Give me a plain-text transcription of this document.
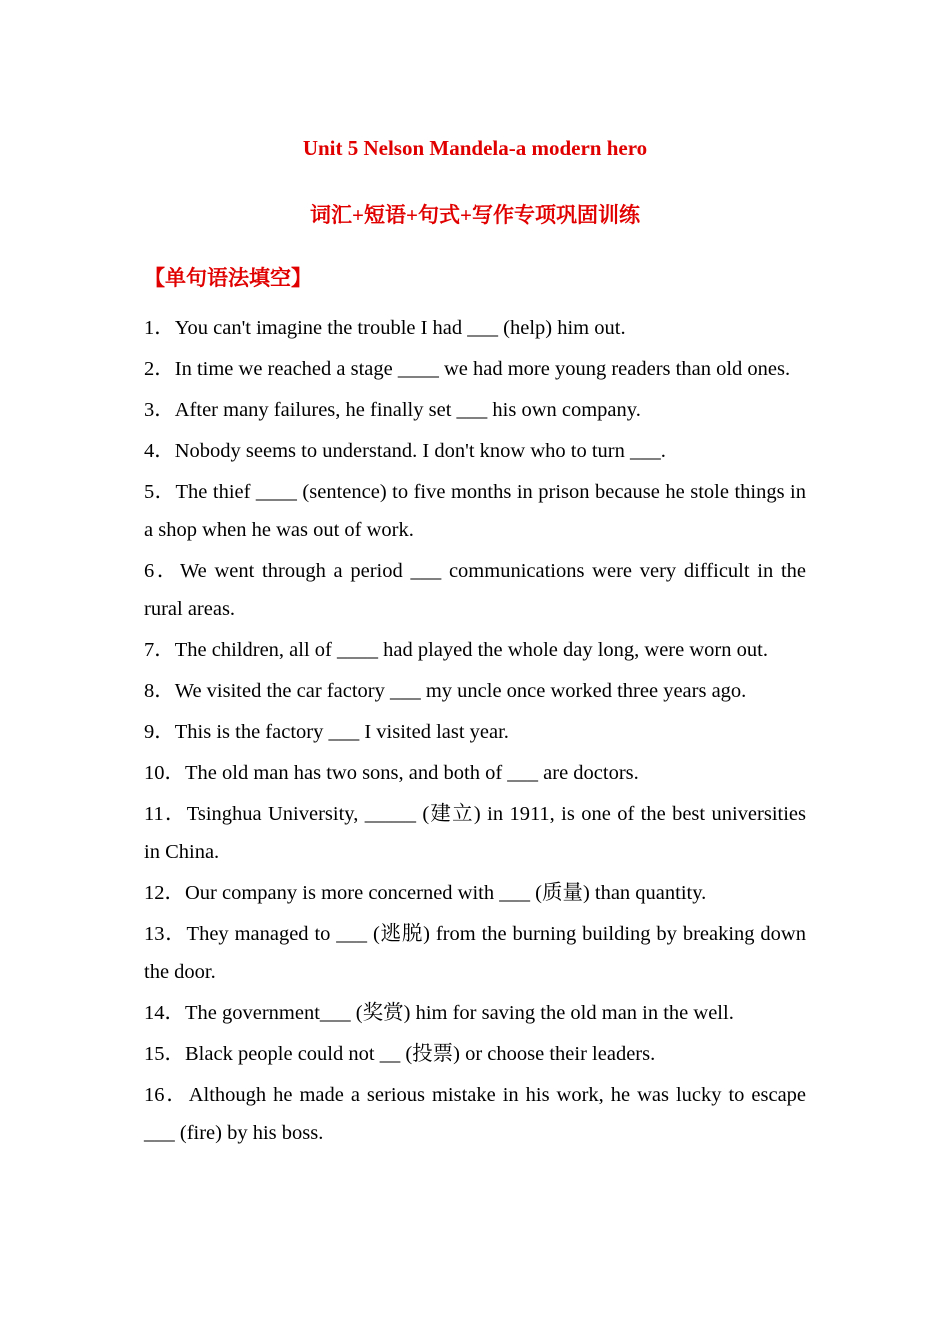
Unit 5 Nelson Mandela-a modern hero
词汇+短语+句式+写作专项巩固训练
【单句语法填空】

1．You can't imagine the trouble I had ___ (help) him out.

2．In time we reached a stage ____ we had more young readers than old ones.

3．After many failures, he finally set ___ his own company.

4．Nobody seems to understand. I don't know who to turn ___.

5．The thief ____ (sentence) to five months in prison because he stole things in a shop when he was out of work.

6．We went through a period ___ communications were very difficult in the rural areas.

7．The children, all of ____ had played the whole day long, were worn out.

8．We visited the car factory ___ my uncle once worked three years ago.

9．This is the factory ___ I visited last year.

10．The old man has two sons, and both of ___ are doctors.

11．Tsinghua University, _____ (建立) in 1911, is one of the best universities in China.

12．Our company is more concerned with ___ (质量) than quantity.

13．They managed to ___ (逃脱) from the burning building by breaking down the door.

14．The government___ (奖赏) him for saving the old man in the well.

15．Black people could not __ (投票) or choose their leaders.

16．Although he made a serious mistake in his work, he was lucky to escape ___ (fire) by his boss.
